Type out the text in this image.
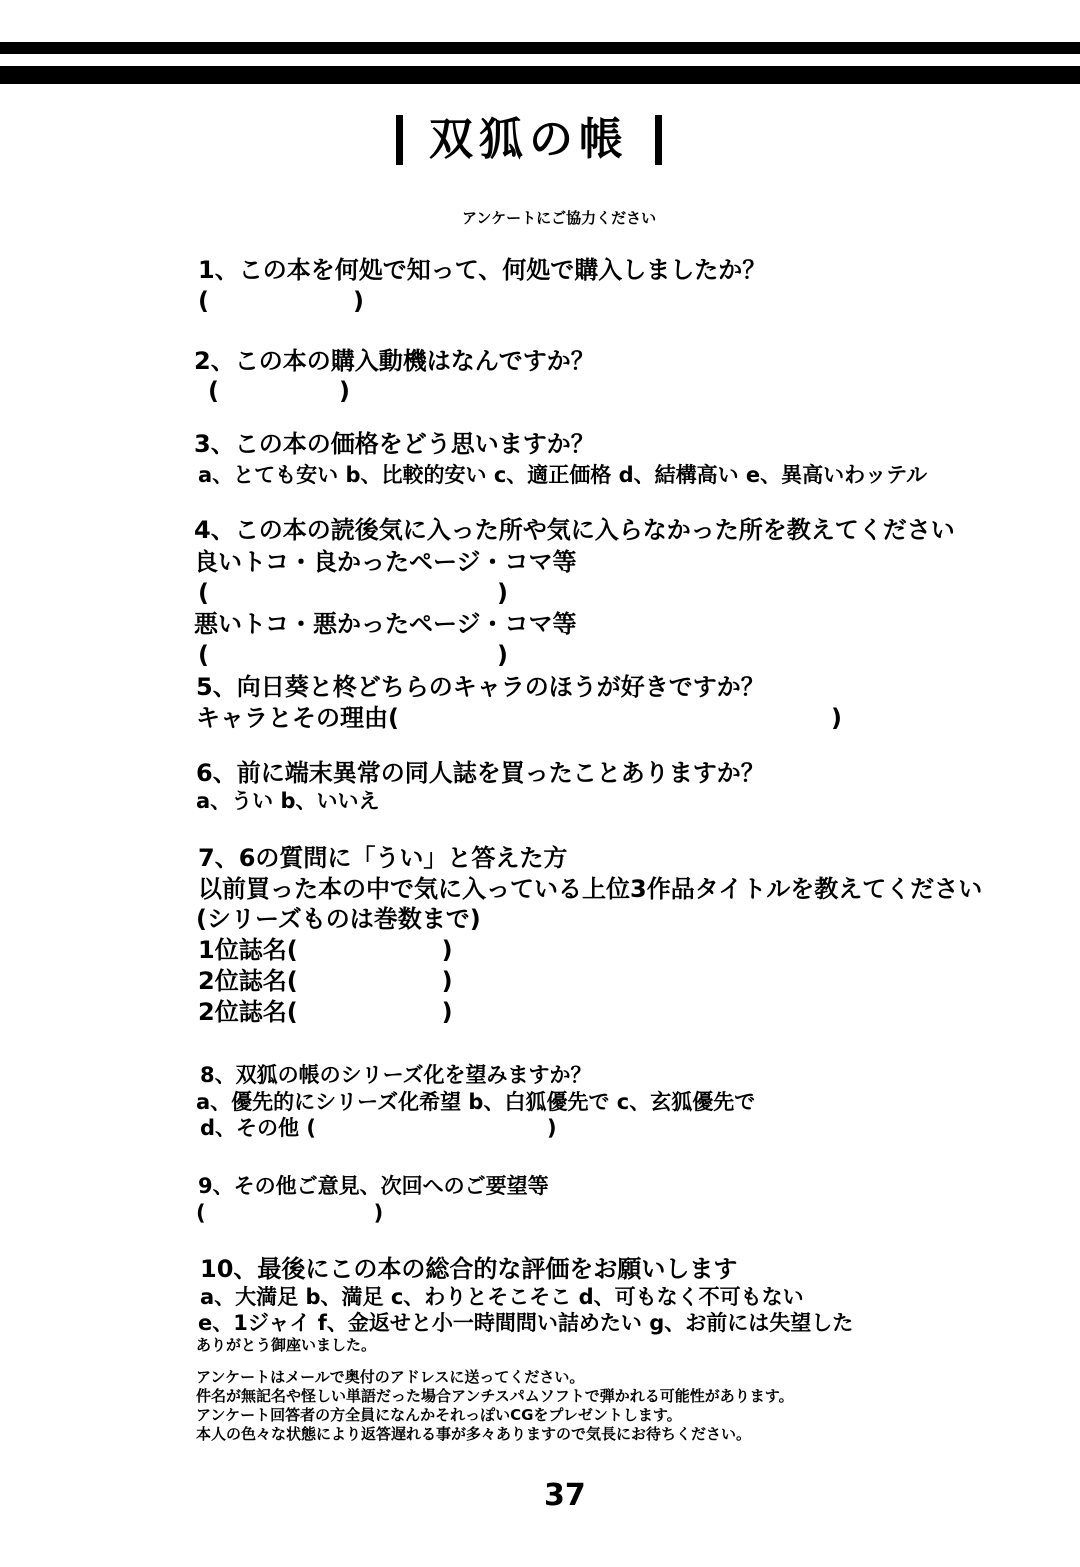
双狐の帳
アンケートにご協力ください
1、この本を何処で知って、何処で購入しましたか？
(　　　　　　)
2、この本の購入動機はなんですか？
(　　　　　)
3、この本の価格をどう思いますか？
a、とても安い b、比較的安い c、適正価格 d、結構高い e、異高いわッテル
4、この本の読後気に入った所や気に入らなかった所を教えてください
良いトコ・良かったページ・コマ等
(　　　　　　　　　　　　)
悪いトコ・悪かったページ・コマ等
(　　　　　　　　　　　　)
5、向日葵と柊どちらのキャラのほうが好きですか？
キャラとその理由(　　　　　　　　　　　　　　　　　　)
6、前に端末異常の同人誌を買ったことありますか？
a、うい b、いいえ
7、6の質問に「うい」と答えた方
以前買った本の中で気に入っている上位3作品タイトルを教えてください
(シリーズものは巻数まで)
1位誌名(　　　　　　)
2位誌名(　　　　　　)
2位誌名(　　　　　　)
8、双狐の帳のシリーズ化を望みますか？
a、優先的にシリーズ化希望 b、白狐優先で c、玄狐優先で
d、その他 (　　　　　　　　　　　)
9、その他ご意見、次回へのご要望等
(　　　　　　　　)
10、最後にこの本の総合的な評価をお願いします
a、大満足 b、満足 c、わりとそこそこ d、可もなく不可もない
e、1ジャイ f、金返せと小一時間問い詰めたい g、お前には失望した
ありがとう御座いました。
アンケートはメールで奥付のアドレスに送ってください。
件名が無記名や怪しい単語だった場合アンチスパムソフトで弾かれる可能性があります。
アンケート回答者の方全員になんかそれっぽいCGをプレゼントします。
本人の色々な状態により返答遅れる事が多々ありますので気長にお待ちください。
37
